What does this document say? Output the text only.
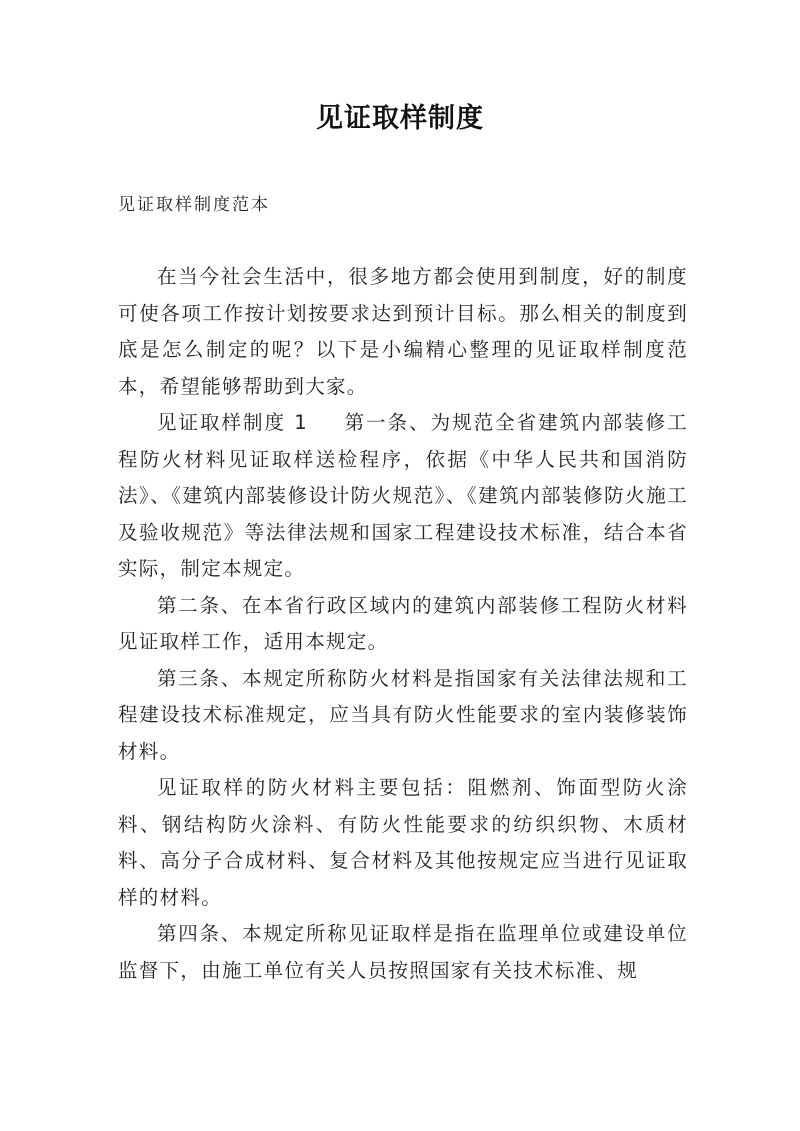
见证取样制度

见证取样制度范本

在当今社会生活中，很多地方都会使用到制度，好的制度可使各项工作按计划按要求达到预计目标。那么相关的制度到底是怎么制定的呢？以下是小编精心整理的见证取样制度范本，希望能够帮助到大家。

见证取样制度 1 第一条、为规范全省建筑内部装修工程防火材料见证取样送检程序，依据《中华人民共和国消防法》、《建筑内部装修设计防火规范》、《建筑内部装修防火施工及验收规范》等法律法规和国家工程建设技术标准，结合本省实际，制定本规定。

第二条、在本省行政区域内的建筑内部装修工程防火材料见证取样工作，适用本规定。

第三条、本规定所称防火材料是指国家有关法律法规和工程建设技术标准规定，应当具有防火性能要求的室内装修装饰材料。

见证取样的防火材料主要包括：阻燃剂、饰面型防火涂料、钢结构防火涂料、有防火性能要求的纺织织物、木质材料、高分子合成材料、复合材料及其他按规定应当进行见证取样的材料。

第四条、本规定所称见证取样是指在监理单位或建设单位监督下，由施工单位有关人员按照国家有关技术标准、规
